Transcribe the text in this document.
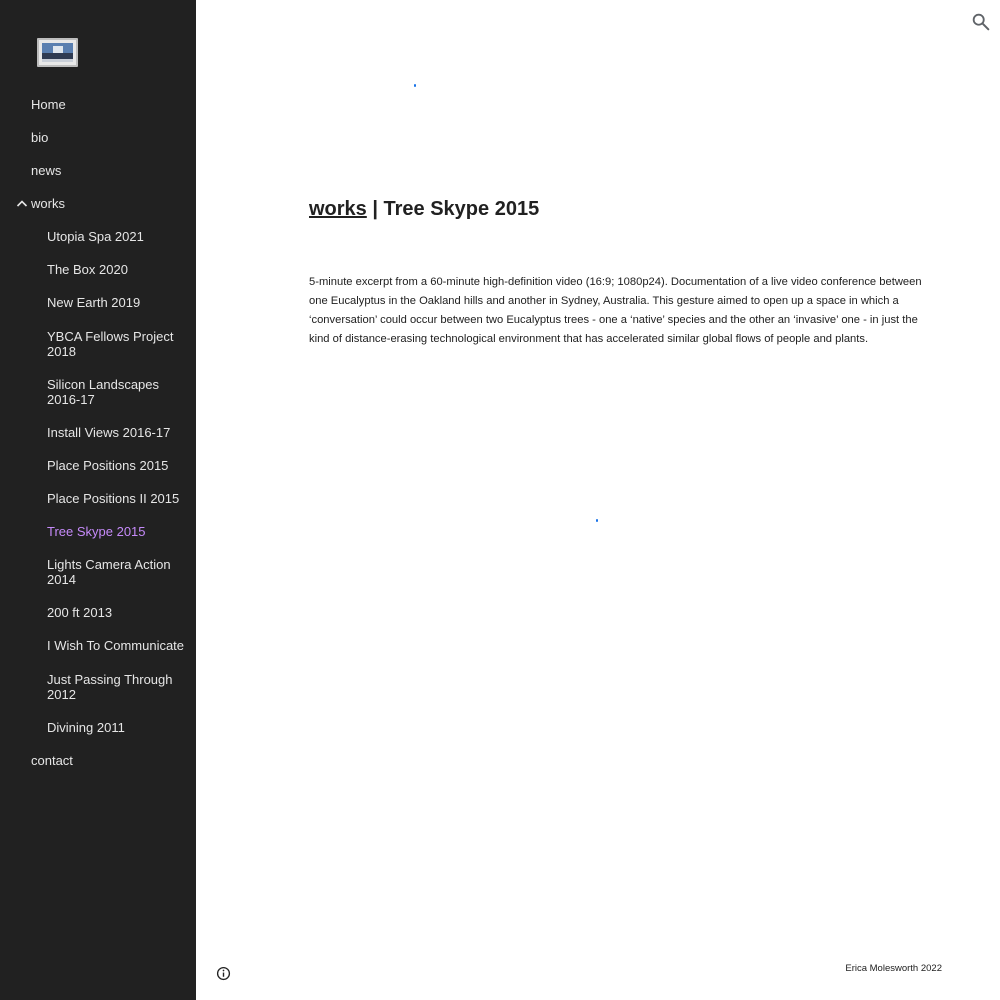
Home
bio
news
works
Utopia Spa 2021
The Box 2020
New Earth 2019
YBCA Fellows Project 2018
Silicon Landscapes 2016-17
Install Views 2016-17
Place Positions 2015
Place Positions II 2015
Tree Skype 2015
Lights Camera Action 2014
200 ft 2013
I Wish To Communicate
Just Passing Through 2012
Divining 2011
contact
works | Tree Skype 2015

5-minute excerpt from a 60-minute high-definition video (16:9; 1080p24). Documentation of a live video conference between one Eucalyptus in the Oakland hills and another in Sydney, Australia. This gesture aimed to open up a space in which a ‘conversation’ could occur between two Eucalyptus trees - one a ‘native’ species and the other an ‘invasive’ one - in just the kind of distance-erasing technological environment that has accelerated similar global flows of people and plants.

Erica Molesworth 2022
